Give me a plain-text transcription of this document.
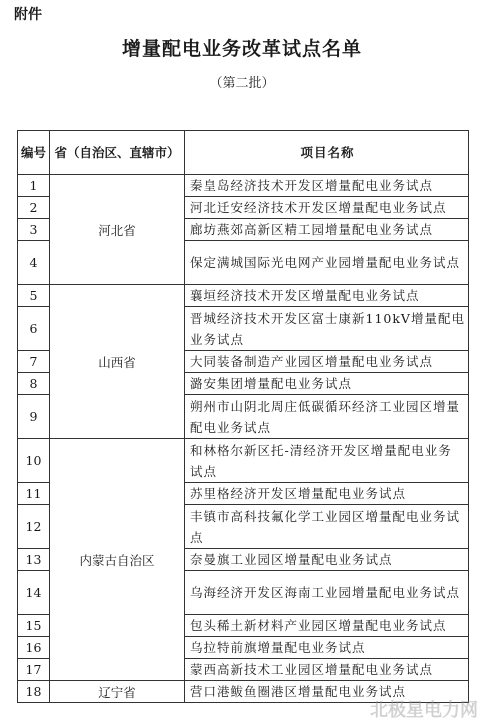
附件
增量配电业务改革试点名单
（第二批）
编号	省（自治区、直辖市）	项目名称
1	河北省	秦皇岛经济技术开发区增量配电业务试点
2		河北迁安经济技术开发区增量配电业务试点
3		廊坊燕郊高新区精工园增量配电业务试点
4		保定满城国际光电网产业园增量配电业务试点
5	山西省	襄垣经济技术开发区增量配电业务试点
6		晋城经济技术开发区富士康新110kV增量配电业务试点
7		大同装备制造产业园区增量配电业务试点
8		潞安集团增量配电业务试点
9		朔州市山阴北周庄低碳循环经济工业园区增量配电业务试点
10	内蒙古自治区	和林格尔新区托-清经济开发区增量配电业务试点
11		苏里格经济开发区增量配电业务试点
12		丰镇市高科技氟化学工业园区增量配电业务试点
13		奈曼旗工业园区增量配电业务试点
14		乌海经济开发区海南工业园增量配电业务试点
15		包头稀土新材料产业园区增量配电业务试点
16		乌拉特前旗增量配电业务试点
17		蒙西高新技术工业园区增量配电业务试点
18	辽宁省	营口港鲅鱼圈港区增量配电业务试点
北极星电力网
